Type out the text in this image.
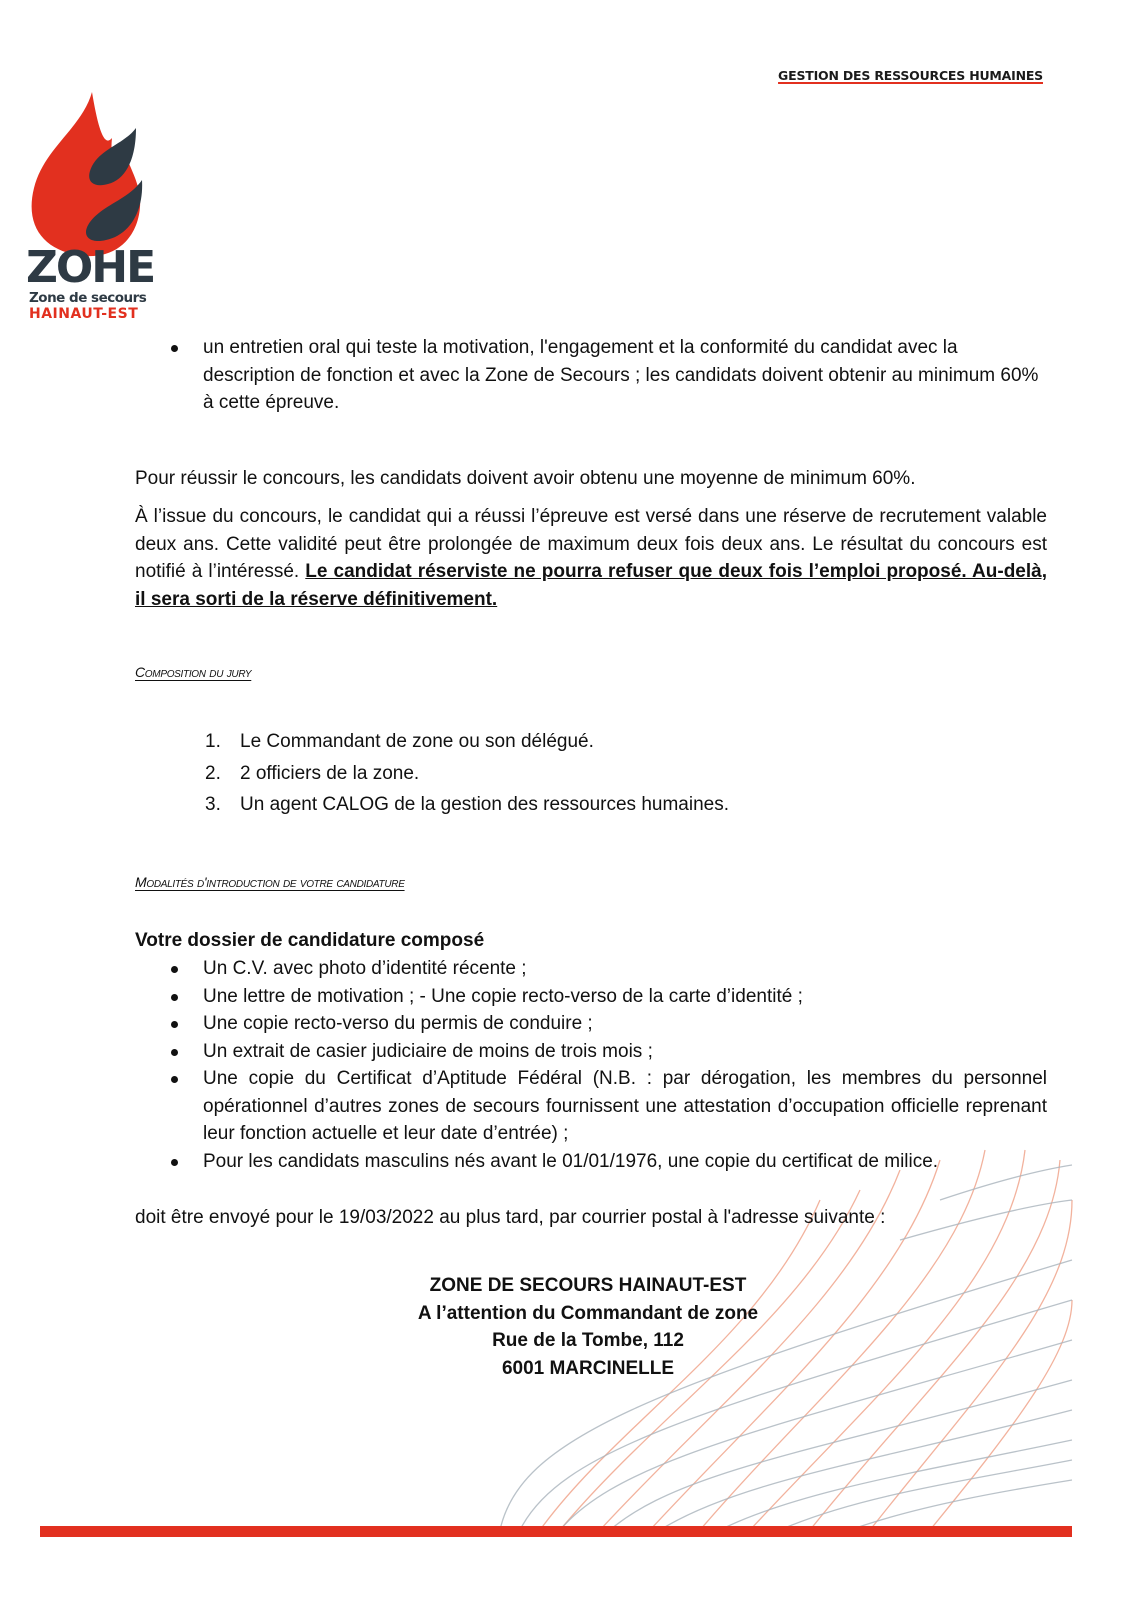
GESTION DES RESSOURCES HUMAINES
ZOHE
Zone de secours
HAINAUT-EST
un entretien oral qui teste la motivation, l'engagement et la conformité du candidat avec la description de fonction et avec la Zone de Secours ; les candidats doivent obtenir au minimum 60% à cette épreuve.
Pour réussir le concours, les candidats doivent avoir obtenu une moyenne de minimum 60%.
À l’issue du concours, le candidat qui a réussi l’épreuve est versé dans une réserve de recrutement valable deux ans. Cette validité peut être prolongée de maximum deux fois deux ans. Le résultat du concours est notifié à l’intéressé. Le candidat réserviste ne pourra refuser que deux fois l’emploi proposé. Au-delà, il sera sorti de la réserve définitivement.
Composition du jury
1. Le Commandant de zone ou son délégué.
2. 2 officiers de la zone.
3. Un agent CALOG de la gestion des ressources humaines.
Modalités d'introduction de votre candidature
Votre dossier de candidature composé
Un C.V. avec photo d’identité récente ;
Une lettre de motivation ; - Une copie recto-verso de la carte d’identité ;
Une copie recto-verso du permis de conduire ;
Un extrait de casier judiciaire de moins de trois mois ;
Une copie du Certificat d’Aptitude Fédéral (N.B. : par dérogation, les membres du personnel opérationnel d’autres zones de secours fournissent une attestation d’occupation officielle reprenant leur fonction actuelle et leur date d’entrée) ;
Pour les candidats masculins nés avant le 01/01/1976, une copie du certificat de milice.
doit être envoyé pour le 19/03/2022 au plus tard, par courrier postal à l'adresse suivante :
ZONE DE SECOURS HAINAUT-EST
A l’attention du Commandant de zone
Rue de la Tombe, 112
6001 MARCINELLE
